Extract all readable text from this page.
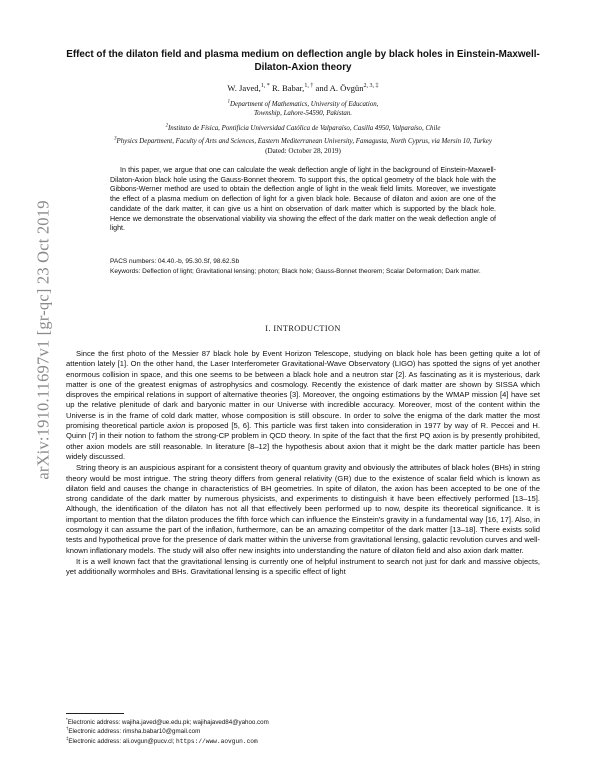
arXiv:1910.11697v1 [gr-qc] 23 Oct 2019
Effect of the dilaton field and plasma medium on deflection angle by black holes in Einstein-Maxwell-Dilaton-Axion theory
W. Javed,$^{1, *}$ R. Babar,$^{1, \dagger}$ and A. Övgün$^{2, 3, \ddagger}$
$^1$Department of Mathematics, University of Education,
Township, Lahore-54590, Pakistan.
$^2$Instituto de Física, Pontificia Universidad Católica de Valparaíso, Casilla 4950, Valparaíso, Chile
$^3$Physics Department, Faculty of Arts and Sciences, Eastern Mediterranean University, Famagusta, North Cyprus, via Mersin 10, Turkey
(Dated: October 28, 2019)

In this paper, we argue that one can calculate the weak deflection angle of light in the background of Einstein-Maxwell-Dilaton-Axion black hole using the Gauss-Bonnet theorem. To support this, the optical geometry of the black hole with the Gibbons-Werner method are used to obtain the deflection angle of light in the weak field limits. Moreover, we investigate the effect of a plasma medium on deflection of light for a given black hole. Because of dilaton and axion are one of the candidate of the dark matter, it can give us a hint on observation of dark matter which is supported by the black hole. Hence we demonstrate the observational viability via showing the effect of the dark matter on the weak deflection angle of light.

PACS numbers: 04.40.-b, 95.30.Sf, 98.62.Sb

Keywords: Deflection of light; Gravitational lensing; photon; Black hole; Gauss-Bonnet theorem; Scalar Deformation; Dark matter.

I. INTRODUCTION

Since the first photo of the Messier 87 black hole by Event Horizon Telescope, studying on black hole has been getting quite a lot of attention lately [1]. On the other hand, the Laser Interferometer Gravitational-Wave Observatory (LIGO) has spotted the signs of yet another enormous collision in space, and this one seems to be between a black hole and a neutron star [2]. As fascinating as it is mysterious, dark matter is one of the greatest enigmas of astrophysics and cosmology. Recently the existence of dark matter are shown by SISSA which disproves the empirical relations in support of alternative theories [3]. Moreover, the ongoing estimations by the WMAP mission [4] have set up the relative plenitude of dark and baryonic matter in our Universe with incredible accuracy. Moreover, most of the content within the Universe is in the frame of cold dark matter, whose composition is still obscure. In order to solve the enigma of the dark matter the most promising theoretical particle axion is proposed [5, 6]. This particle was first taken into consideration in 1977 by way of R. Peccei and H. Quinn [7] in their notion to fathom the strong-CP problem in QCD theory. In spite of the fact that the first PQ axion is by presently prohibited, other axion models are still reasonable. In literature [8–12] the hypothesis about axion that it might be the dark matter particle has been widely discussed.

String theory is an auspicious aspirant for a consistent theory of quantum gravity and obviously the attributes of black holes (BHs) in string theory would be most intrigue. The string theory differs from general relativity (GR) due to the existence of scalar field which is known as dilaton field and causes the change in characteristics of BH geometries. In spite of dilaton, the axion has been accepted to be one of the strong candidate of the dark matter by numerous physicists, and experiments to distinguish it have been effectively performed [13–15]. Although, the identification of the dilaton has not all that effectively been performed up to now, despite its theoretical significance. It is important to mention that the dilaton produces the fifth force which can influence the Einstein's gravity in a fundamental way [16, 17]. Also, in cosmology it can assume the part of the inflation, furthermore, can be an amazing competitor of the dark matter [13–18]. There exists solid tests and hypothetical prove for the presence of dark matter within the universe from gravitational lensing, galactic revolution curves and well-known inflationary models. The study will also offer new insights into understanding the nature of dilaton field and also axion dark matter.

It is a well known fact that the gravitational lensing is currently one of helpful instrument to search not just for dark and massive objects, yet additionally wormholes and BHs. Gravitational lensing is a specific effect of light

*Electronic address: wajiha.javed@ue.edu.pk; wajihajaved84@yahoo.com
†Electronic address: rimsha.babar10@gmail.com
‡Electronic address: ali.ovgun@pucv.cl; https://www.aovgun.com
